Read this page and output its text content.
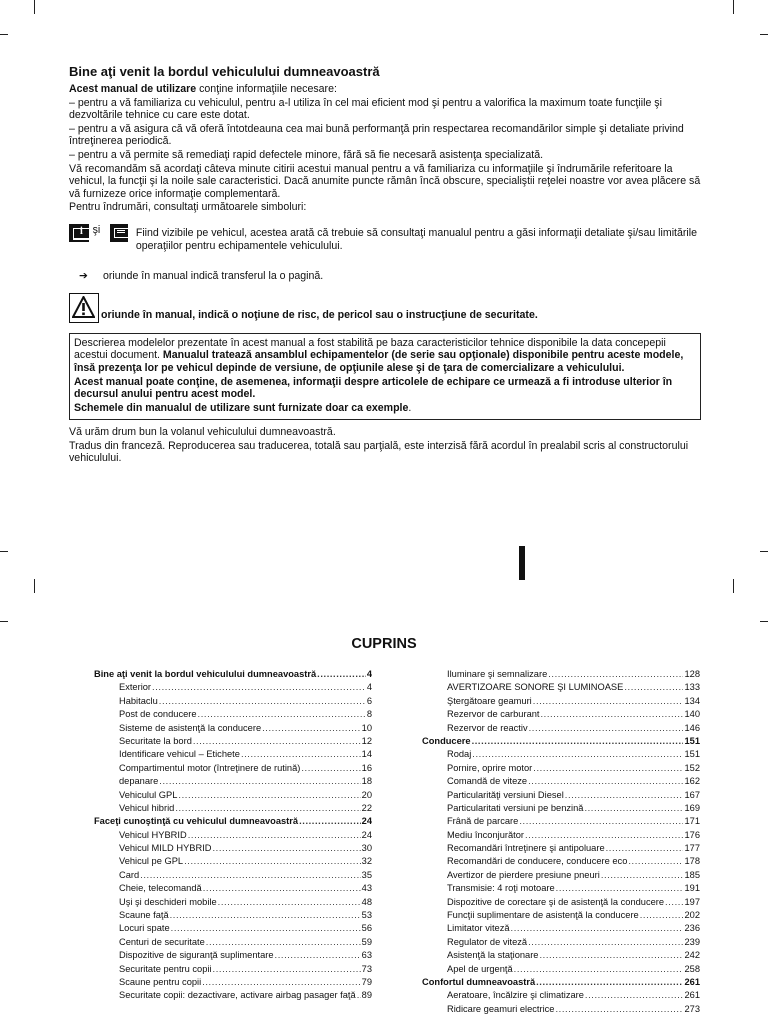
Bine aţi venit la bordul vehiculului dumneavoastră
Acest manual de utilizare conţine informaţiile necesare:
– pentru a vă familiariza cu vehiculul, pentru a-l utiliza în cel mai eficient mod şi pentru a valorifica la maximum toate funcţiile şi dezvoltările tehnice cu care este dotat.
– pentru a vă asigura că vă oferă întotdeauna cea mai bună performanţă prin respectarea recomandărilor simple şi detaliate privind întreţinerea periodică.
– pentru a vă permite să remediaţi rapid defectele minore, fără să fie necesară asistenţa specializată.
Vă recomandăm să acordaţi câteva minute citirii acestui manual pentru a vă familiariza cu informaţiile şi îndrumările referitoare la vehicul, la funcţii şi la noile sale caracteristici. Dacă anumite puncte rămân încă obscure, specialiştii reţelei noastre vor avea plăcere să vă furnizeze orice informaţie complementară.
Pentru îndrumări, consultaţi următoarele simboluri:
i
şi	Fiind vizibile pe vehicul, acestea arată că trebuie să consultaţi manualul pentru a găsi informaţii detaliate şi/sau limitările operaţiilor pentru echipamentele vehiculului.
➔ oriunde în manual indică transferul la o pagină.
oriunde în manual, indică o noţiune de risc, de pericol sau o instrucţiune de securitate.
Descrierea modelelor prezentate în acest manual a fost stabilită pe baza caracteristicilor tehnice disponibile la data concepерii acestui document. Manualul tratează ansamblul echipamentelor (de serie sau opţionale) disponibile pentru aceste modele, însă prezenţa lor pe vehicul depinde de versiune, de opţiunile alese şi de ţara de comercializare a vehiculului.
Acest manual poate conţine, de asemenea, informaţii despre articolele de echipare ce urmează a fi introduse ulterior în decursul anului pentru acest model.
Schemele din manualul de utilizare sunt furnizate doar ca exemple.
Vă urăm drum bun la volanul vehiculului dumneavoastră.
Tradus din franceză. Reproducerea sau traducerea, totală sau parţială, este interzisă fără acordul în prealabil scris al constructorului vehiculului.
CUPRINS
Bine aţi venit la bordul vehiculului dumneavoastră .....	4
Exterior .....	4
Habitaclu .....	6
Post de conducere .....	8
Sisteme de asistenţă la conducere .....	10
Securitate la bord .....	12
Identificare vehicul – Etichete .....	14
Compartimentul motor (întreţinere de rutină) .....	16
depanare .....	18
Vehiculul GPL .....	20
Vehicul hibrid .....	22
Faceţi cunoştinţă cu vehiculul dumneavoastră .....	24
Vehicul HYBRID .....	24
Vehicul MILD HYBRID .....	30
Vehicul pe GPL .....	32
Card .....	35
Cheie, telecomandă .....	43
Uşi şi deschideri mobile .....	48
Scaune faţă .....	53
Locuri spate .....	56
Centuri de securitate .....	59
Dispozitive de siguranţă suplimentare .....	63
Securitate pentru copii .....	73
Scaune pentru copii .....	79
Securitate copii: dezactivare, activare airbag pasager faţă ..... 89
Iluminare şi semnalizare .....	128
AVERTIZOARE SONORE ŞI LUMINOASE .....	133
Ştergătoare geamuri .....	134
Rezervor de carburant .....	140
Rezervor de reactiv .....	146
Conducere .....	151
Rodaj .....	151
Pornire, oprire motor .....	152
Comandă de viteze .....	162
Particularităţi versiuni Diesel .....	167
Particularitati versiuni pe benzină .....	169
Frână de parcare .....	171
Mediu înconjurător .....	176
Recomandări întreţinere şi antipoluare .....	177
Recomandări de conducere, conducere eco .....	178
Avertizor de pierdere presiune pneuri .....	185
Transmisie: 4 roţi motoare .....	191
Dispozitive de corectare şi de asistenţă la conducere ..... 197
Funcţii suplimentare de asistenţă la conducere .....	202
Limitator viteză .....	236
Regulator de viteză .....	239
Asistenţă la staţionare .....	242
Apel de urgenţă .....	258
Confortul dumneavoastră .....	261
Aeratoare, încălzire şi climatizare .....	261
Ridicare geamuri electrice .....	273
